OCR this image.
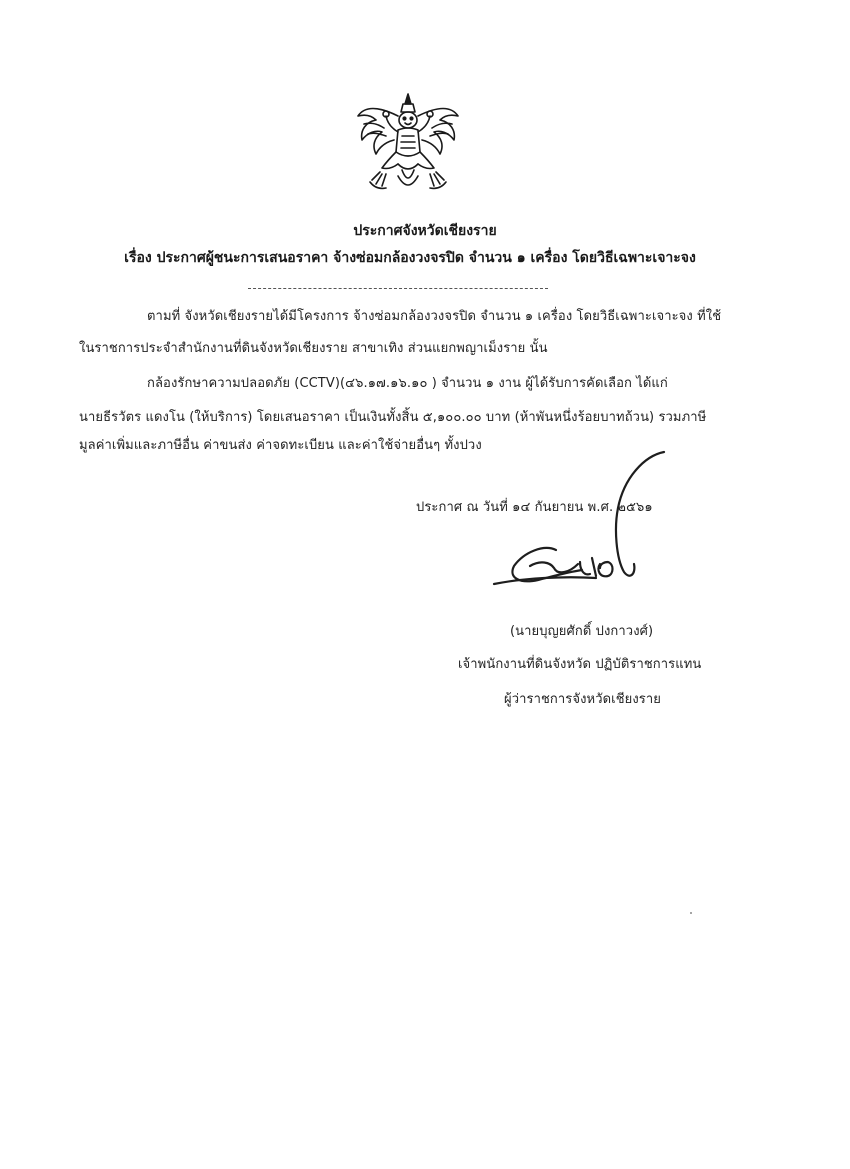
ประกาศจังหวัดเชียงราย
เรื่อง ประกาศผู้ชนะการเสนอราคา จ้างซ่อมกล้องวงจรปิด จำนวน ๑ เครื่อง โดยวิธีเฉพาะเจาะจง
ตามที่ จังหวัดเชียงรายได้มีโครงการ จ้างซ่อมกล้องวงจรปิด จำนวน ๑ เครื่อง โดยวิธีเฉพาะเจาะจง ที่ใช้
ในราชการประจำสำนักงานที่ดินจังหวัดเชียงราย สาขาเทิง ส่วนแยกพญาเม็งราย นั้น
กล้องรักษาความปลอดภัย (CCTV)(๔๖.๑๗.๑๖.๑๐ ) จำนวน ๑ งาน ผู้ได้รับการคัดเลือก ได้แก่
นายธีรวัตร แดงโน (ให้บริการ) โดยเสนอราคา เป็นเงินทั้งสิ้น ๕,๑๐๐.๐๐ บาท (ห้าพันหนึ่งร้อยบาทถ้วน) รวมภาษี
มูลค่าเพิ่มและภาษีอื่น ค่าขนส่ง ค่าจดทะเบียน และค่าใช้จ่ายอื่นๆ ทั้งปวง
ประกาศ ณ วันที่ ๑๔ กันยายน พ.ศ. ๒๕๖๑
(นายบุญยศักดิ์ ปงกาวงศ์)
เจ้าพนักงานที่ดินจังหวัด ปฏิบัติราชการแทน
ผู้ว่าราชการจังหวัดเชียงราย
